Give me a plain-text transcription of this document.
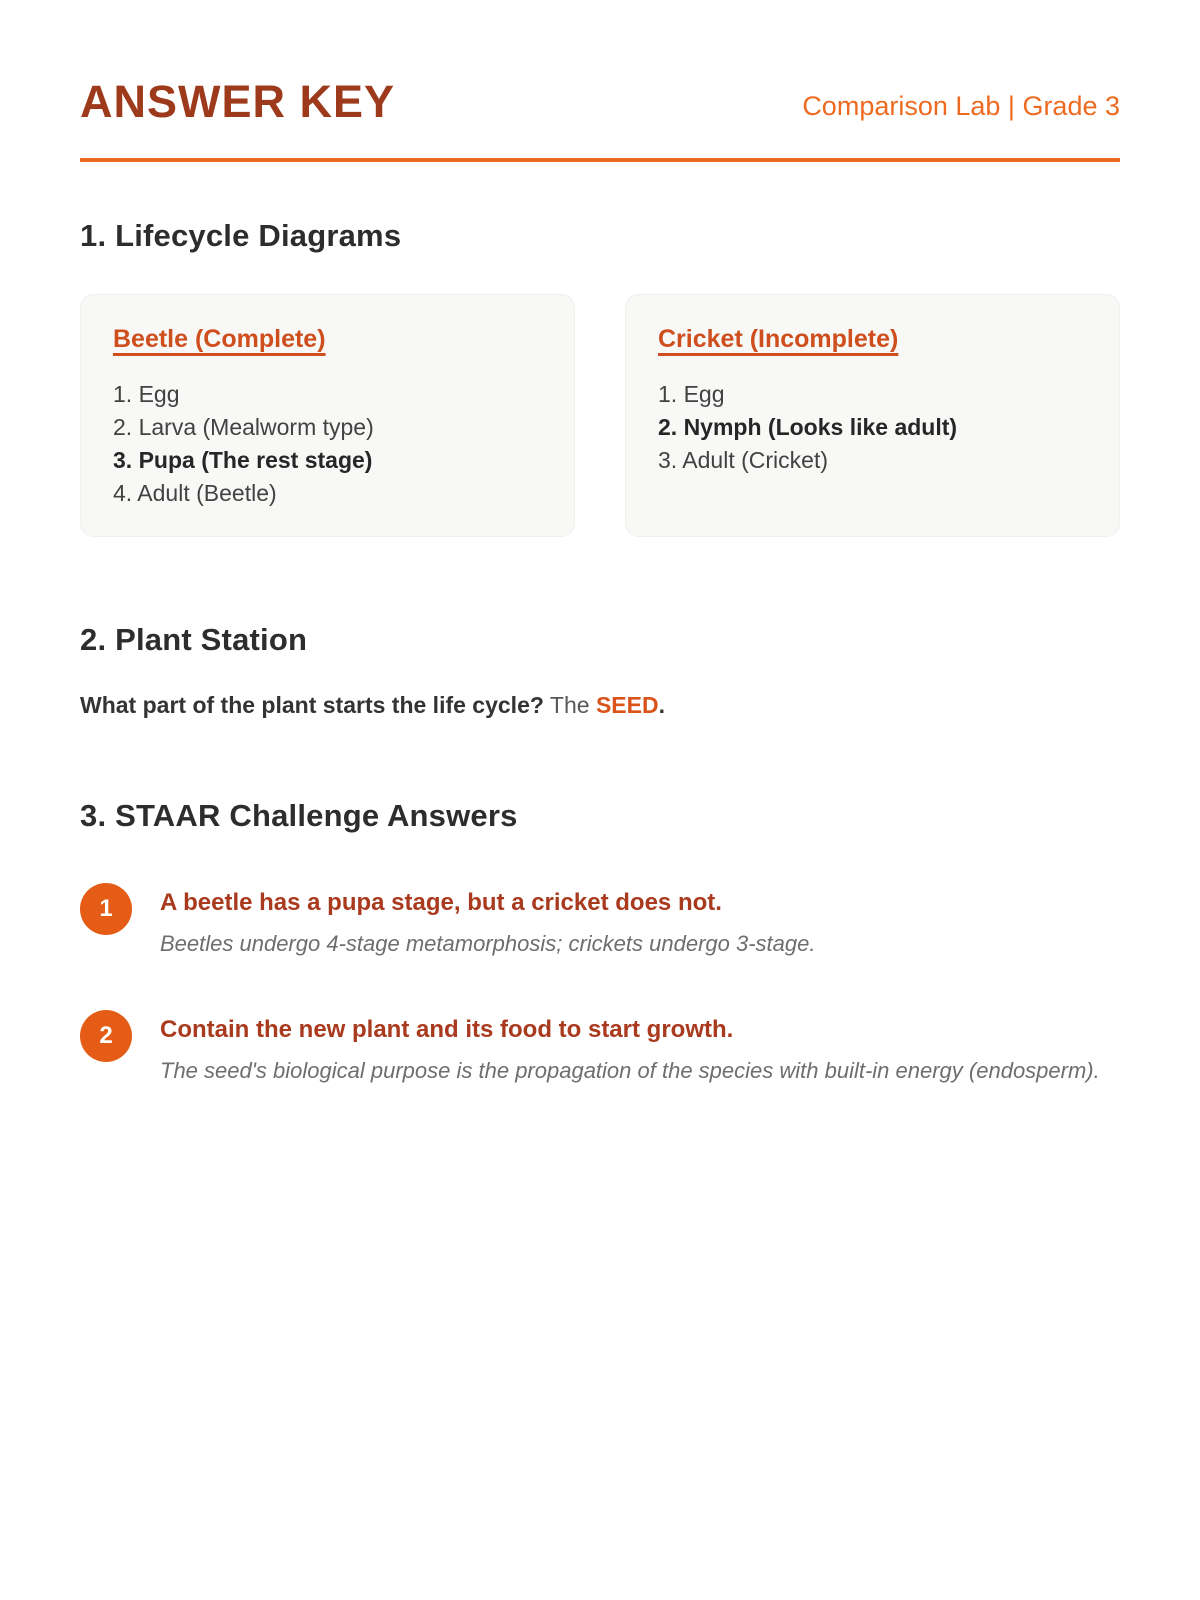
ANSWER KEY	Comparison Lab | Grade 3
1. Lifecycle Diagrams
Beetle (Complete)
1. Egg
2. Larva (Mealworm type)
3. Pupa (The rest stage)
4. Adult (Beetle)
Cricket (Incomplete)
1. Egg
2. Nymph (Looks like adult)
3. Adult (Cricket)
2. Plant Station

What part of the plant starts the life cycle? The SEED.

3. STAAR Challenge Answers
1	A beetle has a pupa stage, but a cricket does not.

Beetles undergo 4-stage metamorphosis; crickets undergo 3-stage.

2	Contain the new plant and its food to start growth.

The seed's biological purpose is the propagation of the species with built-in energy (endosperm).
